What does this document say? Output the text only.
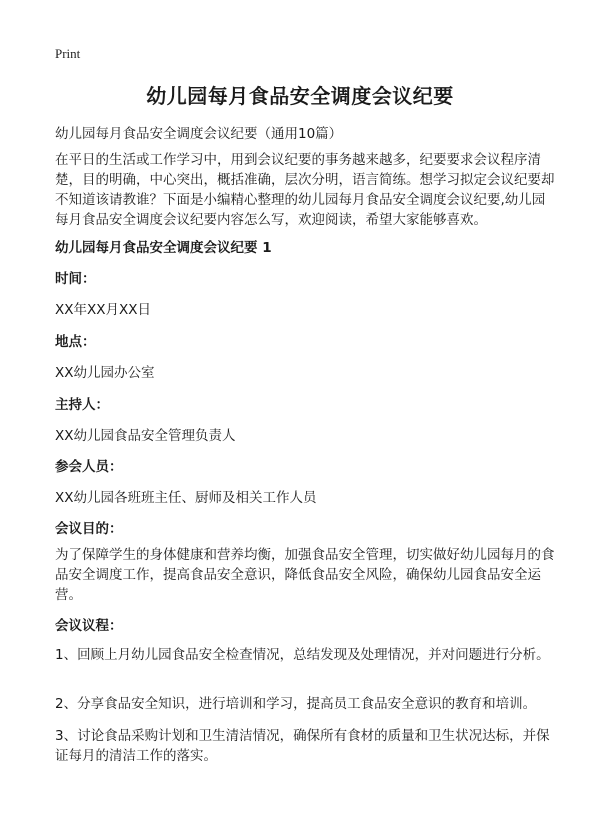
Print
幼儿园每月食品安全调度会议纪要
幼儿园每月食品安全调度会议纪要（通用10篇）

在平日的生活或工作学习中，用到会议纪要的事务越来越多，纪要要求会议程序清楚，目的明确，中心突出，概括准确，层次分明，语言简练。想学习拟定会议纪要却不知道该请教谁？下面是小编精心整理的幼儿园每月食品安全调度会议纪要,幼儿园每月食品安全调度会议纪要内容怎么写，欢迎阅读，希望大家能够喜欢。

幼儿园每月食品安全调度会议纪要 1
时间：
XX年XX月XX日
地点：
XX幼儿园办公室
主持人：
XX幼儿园食品安全管理负责人
参会人员：
XX幼儿园各班班主任、厨师及相关工作人员
会议目的：

为了保障学生的身体健康和营养均衡，加强食品安全管理，切实做好幼儿园每月的食品安全调度工作，提高食品安全意识，降低食品安全风险，确保幼儿园食品安全运营。

会议议程：

1、回顾上月幼儿园食品安全检查情况，总结发现及处理情况，并对问题进行分析。

2、分享食品安全知识，进行培训和学习，提高员工食品安全意识的教育和培训。

3、讨论食品采购计划和卫生清洁情况，确保所有食材的质量和卫生状况达标，并保证每月的清洁工作的落实。
